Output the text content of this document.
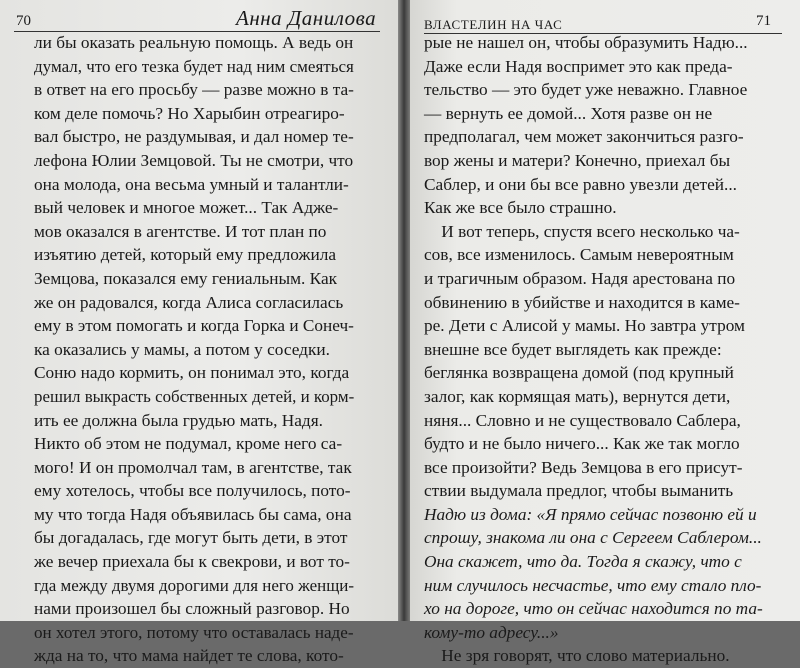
70	Анна Данилова
ли бы оказать реальную помощь. А ведь он
думал, что его тезка будет над ним смеяться
в ответ на его просьбу — разве можно в та-
ком деле помочь? Но Харыбин отреагиро-
вал быстро, не раздумывая, и дал номер те-
лефона Юлии Земцовой. Ты не смотри, что
она молода, она весьма умный и талантли-
вый человек и многое может... Так Адже-
мов оказался в агентстве. И тот план по
изъятию детей, который ему предложила
Земцова, показался ему гениальным. Как
же он радовался, когда Алиса согласилась
ему в этом помогать и когда Горка и Сонеч-
ка оказались у мамы, а потом у соседки.
Соню надо кормить, он понимал это, когда
решил выкрасть собственных детей, и корм-
ить ее должна была грудью мать, Надя.
Никто об этом не подумал, кроме него са-
мого! И он промолчал там, в агентстве, так
ему хотелось, чтобы все получилось, пото-
му что тогда Надя объявилась бы сама, она
бы догадалась, где могут быть дети, в этот
же вечер приехала бы к свекрови, и вот то-
гда между двумя дорогими для него женщи-
нами произошел бы сложный разговор. Но
он хотел этого, потому что оставалась наде-
жда на то, что мама найдет те слова, кото-
ВЛАСТЕЛИН НА ЧАС	71
рые не нашел он, чтобы образумить Надю...
Даже если Надя воспримет это как преда-
тельство — это будет уже неважно. Главное
— вернуть ее домой... Хотя разве он не
предполагал, чем может закончиться разго-
вор жены и матери? Конечно, приехал бы
Саблер, и они бы все равно увезли детей...
Как же все было страшно.
 И вот теперь, спустя всего несколько ча-
сов, все изменилось. Самым невероятным
и трагичным образом. Надя арестована по
обвинению в убийстве и находится в каме-
ре. Дети с Алисой у мамы. Но завтра утром
внешне все будет выглядеть как прежде:
беглянка возвращена домой (под крупный
залог, как кормящая мать), вернутся дети,
няня... Словно и не существовало Саблера,
будто и не было ничего... Как же так могло
все произойти? Ведь Земцова в его присут-
ствии выдумала предлог, чтобы выманить
Надю из дома: «Я прямо сейчас позвоню ей и
спрошу, знакома ли она с Сергеем Саблером...
Она скажет, что да. Тогда я скажу, что с
ним случилось несчастье, что ему стало пло-
хо на дороге, что он сейчас находится по та-
кому-то адресу...»
 Не зря говорят, что слово материально.
